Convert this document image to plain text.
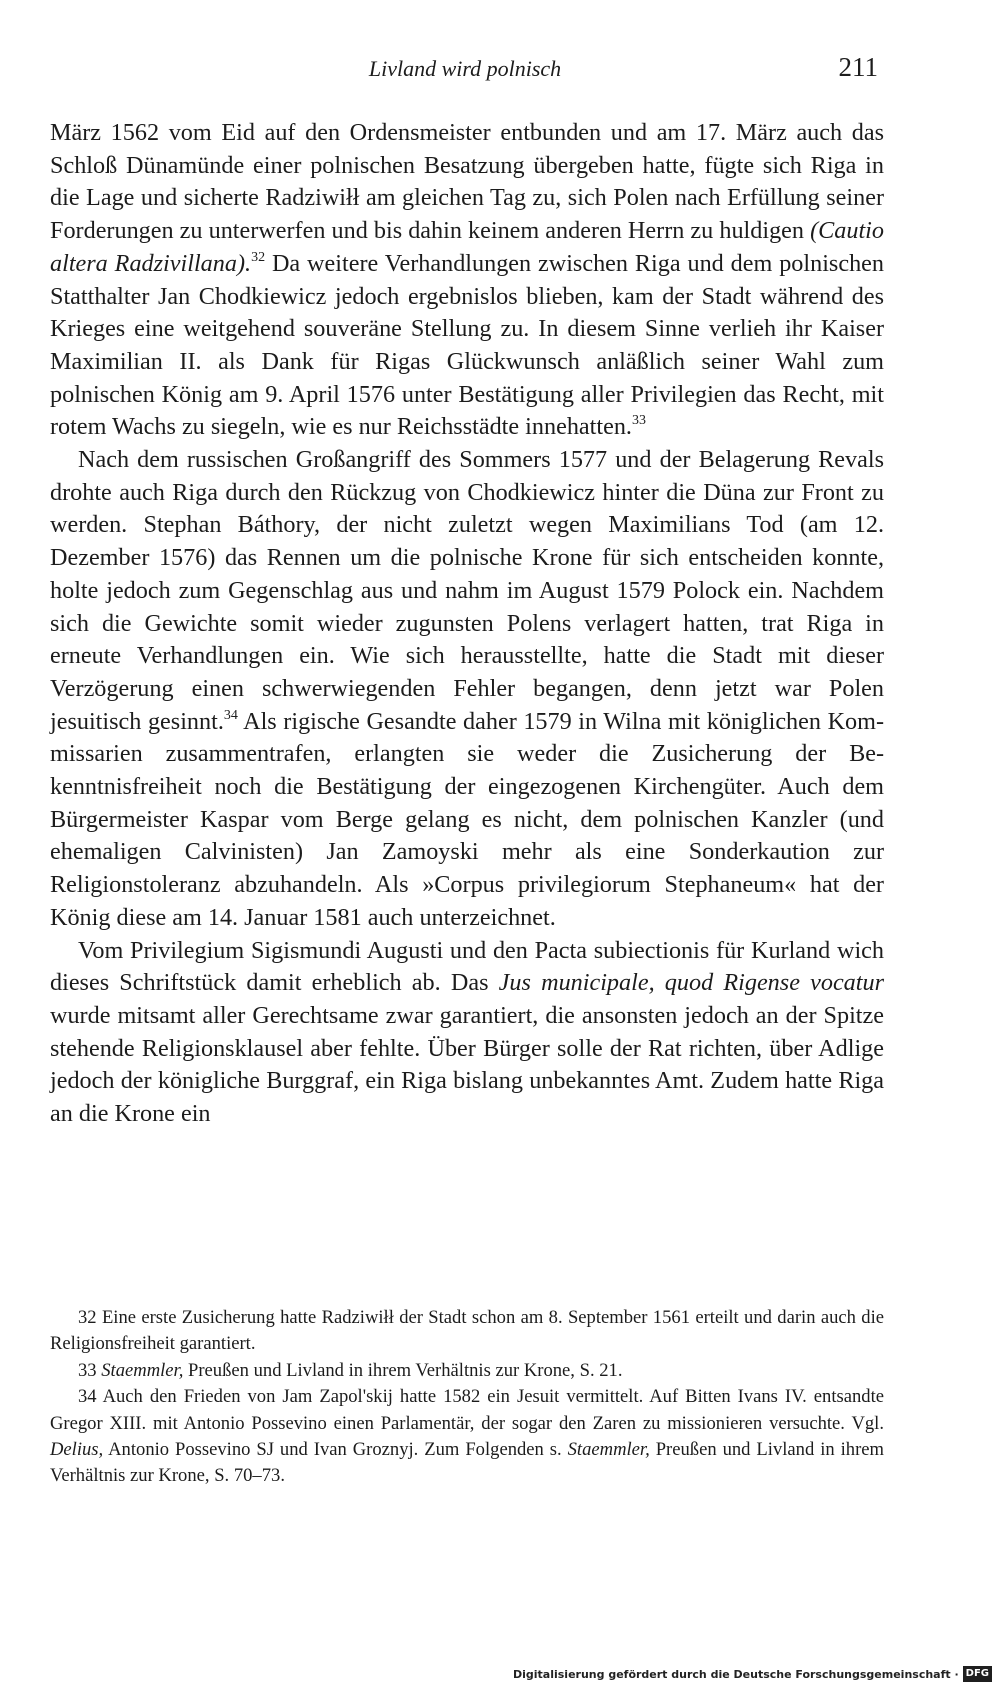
Livland wird polnisch	211

März 1562 vom Eid auf den Ordensmeister entbunden und am 17. März auch das Schloß Dünamünde einer polnischen Besatzung übergeben hatte, fügte sich Riga in die Lage und sicherte Radziwiłł am gleichen Tag zu, sich Polen nach Erfüllung seiner Forderungen zu unterwerfen und bis dahin keinem anderen Herrn zu huldigen (Cautio altera Radzivillana).$^{32}$ Da weitere Verhandlungen zwischen Riga und dem polnischen Statthalter Jan Chodkiewicz jedoch ergebnislos blieben, kam der Stadt während des Krieges eine weitgehend souveräne Stellung zu. In diesem Sinne verlieh ihr Kaiser Maximilian II. als Dank für Rigas Glückwunsch anläßlich seiner Wahl zum polnischen König am 9. April 1576 unter Bestätigung aller Privilegien das Recht, mit rotem Wachs zu siegeln, wie es nur Reichsstädte innehatten.$^{33}$

Nach dem russischen Großangriff des Sommers 1577 und der Belagerung Revals drohte auch Riga durch den Rückzug von Chodkiewicz hinter die Düna zur Front zu werden. Stephan Báthory, der nicht zuletzt wegen Maximilians Tod (am 12. Dezember 1576) das Rennen um die polnische Krone für sich entscheiden konnte, holte jedoch zum Gegenschlag aus und nahm im August 1579 Polock ein. Nachdem sich die Gewichte somit wieder zugunsten Polens verlagert hatten, trat Riga in erneute Verhandlungen ein. Wie sich herausstellte, hatte die Stadt mit dieser Verzögerung einen schwerwiegenden Fehler begangen, denn jetzt war Polen jesuitisch gesinnt.$^{34}$ Als rigische Gesandte daher 1579 in Wilna mit königlichen Kommissarien zusammentrafen, erlangten sie weder die Zusicherung der Bekenntnisfreiheit noch die Bestätigung der eingezogenen Kirchengüter. Auch dem Bürgermeister Kaspar vom Berge gelang es nicht, dem polnischen Kanzler (und ehemaligen Calvinisten) Jan Zamoyski mehr als eine Sonderkaution zur Religionstoleranz abzuhandeln. Als »Corpus privilegiorum Stephaneum« hat der König diese am 14. Januar 1581 auch unterzeichnet.

Vom Privilegium Sigismundi Augusti und den Pacta subiectionis für Kurland wich dieses Schriftstück damit erheblich ab. Das Jus municipale, quod Rigense vocatur wurde mitsamt aller Gerechtsame zwar garantiert, die ansonsten jedoch an der Spitze stehende Religionsklausel aber fehlte. Über Bürger solle der Rat richten, über Adlige jedoch der königliche Burggraf, ein Riga bislang unbekanntes Amt. Zudem hatte Riga an die Krone ein

32 Eine erste Zusicherung hatte Radziwiłł der Stadt schon am 8. September 1561 erteilt und darin auch die Religionsfreiheit garantiert.

33 Staemmler, Preußen und Livland in ihrem Verhältnis zur Krone, S. 21.

34 Auch den Frieden von Jam Zapol'skij hatte 1582 ein Jesuit vermittelt. Auf Bitten Ivans IV. entsandte Gregor XIII. mit Antonio Possevino einen Parlamentär, der sogar den Zaren zu missionieren versuchte. Vgl. Delius, Antonio Possevino SJ und Ivan Groznyj. Zum Folgenden s. Staemmler, Preußen und Livland in ihrem Verhältnis zur Krone, S. 70–73.

Digitalisierung gefördert durch die Deutsche Forschungsgemeinschaft · DFG
